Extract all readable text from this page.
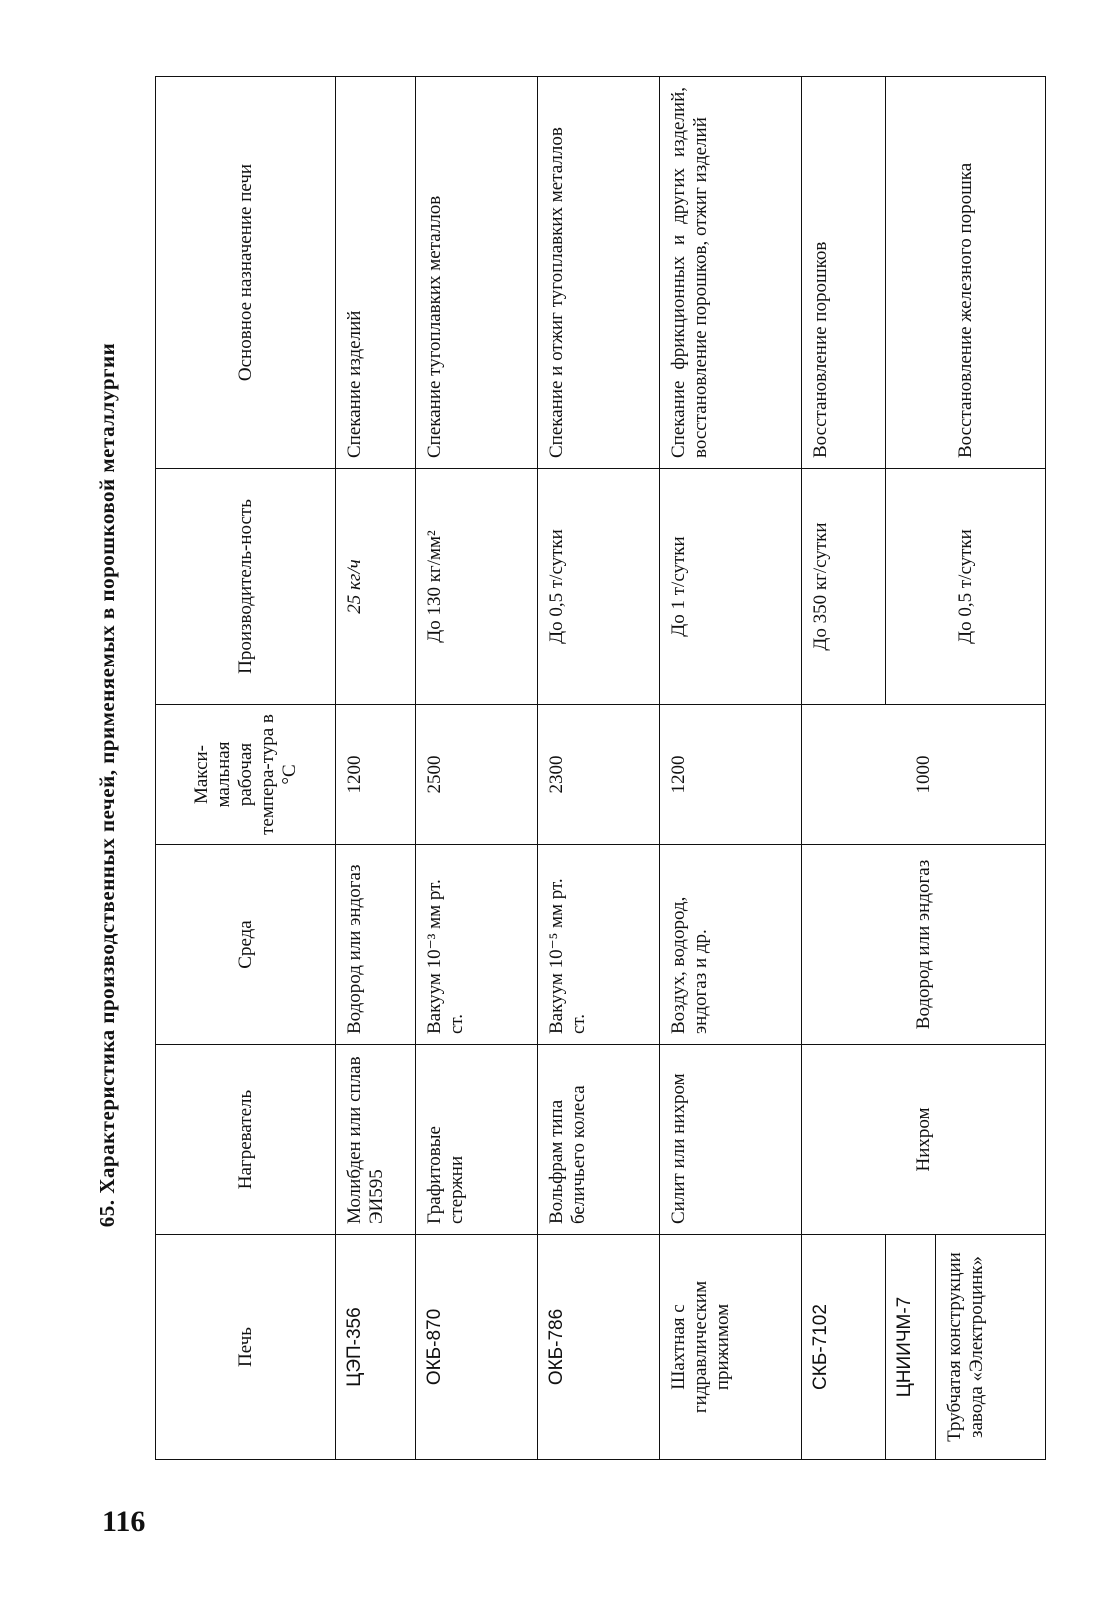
116
65. Характеристика производственных печей, применяемых в порошковой металлургии
Печь	Нагреватель	Среда	Макси-мальная рабочая темпера-тура в °С	Производитель-ность	Основное назначение печи
ЦЭП-356	Молибден или сплав ЭИ595	Водород или эндогаз	1200	25 кг/ч	Спекание изделий
ОКБ-870	Графитовые стержни	Вакуум 10⁻³ мм рт. ст.	2500	До 130 кг/мм²	Спекание тугоплавких металлов
ОКБ-786	Вольфрам типа беличьего колеса	Вакуум 10⁻⁵ мм рт. ст.	2300	До 0,5 т/сутки	Спекание и отжиг тугоплавких металлов
Шахтная с гидравлическим прижимом	Силит или нихром	Воздух, водород, эндогаз и др.	1200	До 1 т/сутки	Спекание фрикционных и других изделий, восстановление порошков, отжиг изделий
СКБ-7102	Нихром	Водород или эндогаз	1000	До 350 кг/сутки	Восстановление порошков
ЦНИИЧМ-7				До 0,5 т/сутки	Восстановление железного порошка
Трубчатая конструкции завода «Электроцинк»					
